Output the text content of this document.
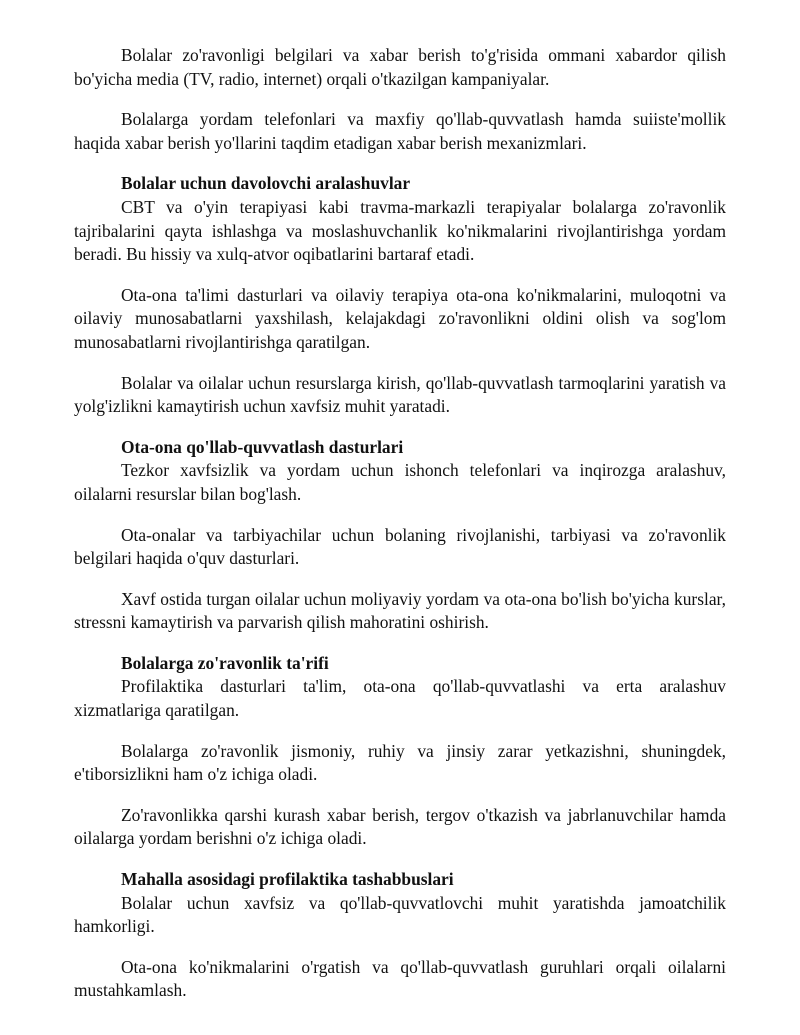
Bolalar zo'ravonligi belgilari va xabar berish to'g'risida ommani xabardor qilish bo'yicha media (TV, radio, internet) orqali o'tkazilgan kampaniyalar.

Bolalarga yordam telefonlari va maxfiy qo'llab-quvvatlash hamda suiiste'mollik haqida xabar berish yo'llarini taqdim etadigan xabar berish mexanizmlari.

Bolalar uchun davolovchi aralashuvlar

CBT va o'yin terapiyasi kabi travma-markazli terapiyalar bolalarga zo'ravonlik tajribalarini qayta ishlashga va moslashuvchanlik ko'nikmalarini rivojlantirishga yordam beradi. Bu hissiy va xulq-atvor oqibatlarini bartaraf etadi.

Ota-ona ta'limi dasturlari va oilaviy terapiya ota-ona ko'nikmalarini, muloqotni va oilaviy munosabatlarni yaxshilash, kelajakdagi zo'ravonlikni oldini olish va sog'lom munosabatlarni rivojlantirishga qaratilgan.

Bolalar va oilalar uchun resurslarga kirish, qo'llab-quvvatlash tarmoqlarini yaratish va yolg'izlikni kamaytirish uchun xavfsiz muhit yaratadi.

Ota-ona qo'llab-quvvatlash dasturlari

Tezkor xavfsizlik va yordam uchun ishonch telefonlari va inqirozga aralashuv, oilalarni resurslar bilan bog'lash.

Ota-onalar va tarbiyachilar uchun bolaning rivojlanishi, tarbiyasi va zo'ravonlik belgilari haqida o'quv dasturlari.

Xavf ostida turgan oilalar uchun moliyaviy yordam va ota-ona bo'lish bo'yicha kurslar, stressni kamaytirish va parvarish qilish mahoratini oshirish.

Bolalarga zo'ravonlik ta'rifi

Profilaktika dasturlari ta'lim, ota-ona qo'llab-quvvatlashi va erta aralashuv xizmatlariga qaratilgan.

Bolalarga zo'ravonlik jismoniy, ruhiy va jinsiy zarar yetkazishni, shuningdek, e'tiborsizlikni ham o'z ichiga oladi.

Zo'ravonlikka qarshi kurash xabar berish, tergov o'tkazish va jabrlanuvchilar hamda oilalarga yordam berishni o'z ichiga oladi.

Mahalla asosidagi profilaktika tashabbuslari

Bolalar uchun xavfsiz va qo'llab-quvvatlovchi muhit yaratishda jamoatchilik hamkorligi.

Ota-ona ko'nikmalarini o'rgatish va qo'llab-quvvatlash guruhlari orqali oilalarni mustahkamlash.
